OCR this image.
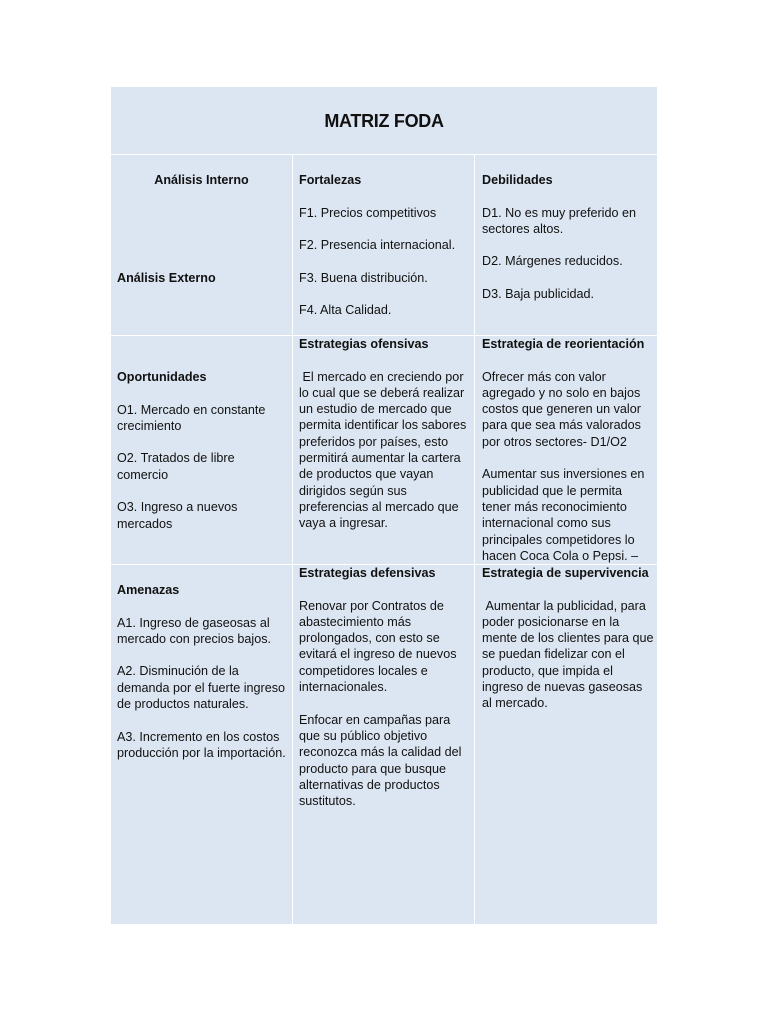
MATRIZ FODA

Análisis Interno

Análisis Externo

Fortalezas

F1. Precios competitivos

F2. Presencia internacional.

F3. Buena distribución.

F4. Alta Calidad.

Debilidades

D1. No es muy preferido en sectores altos.

D2. Márgenes reducidos.

D3. Baja publicidad.

Oportunidades

O1. Mercado en constante crecimiento

O2. Tratados de libre comercio

O3. Ingreso a nuevos mercados

Estrategias ofensivas

El mercado en creciendo por lo cual que se deberá realizar un estudio de mercado que permita identificar los sabores preferidos por países, esto permitirá aumentar la cartera de productos que vayan dirigidos según sus preferencias al mercado que vaya a ingresar.

Estrategia de reorientación

Ofrecer más con valor agregado y no solo en bajos costos que generen un valor para que sea más valorados por otros sectores- D1/O2

Aumentar sus inversiones en publicidad que le permita tener más reconocimiento internacional como sus principales competidores lo hacen Coca Cola o Pepsi. –

Amenazas

A1. Ingreso de gaseosas al mercado con precios bajos.

A2. Disminución de la demanda por el fuerte ingreso de productos naturales.

A3. Incremento en los costos producción por la importación.

Estrategias defensivas

Renovar por Contratos de abastecimiento más prolongados, con esto se evitará el ingreso de nuevos competidores locales e internacionales.

Enfocar en campañas para que su público objetivo reconozca más la calidad del producto para que busque alternativas de productos sustitutos.

Estrategia de supervivencia

Aumentar la publicidad, para poder posicionarse en la mente de los clientes para que se puedan fidelizar con el producto, que impida el ingreso de nuevas gaseosas al mercado.
